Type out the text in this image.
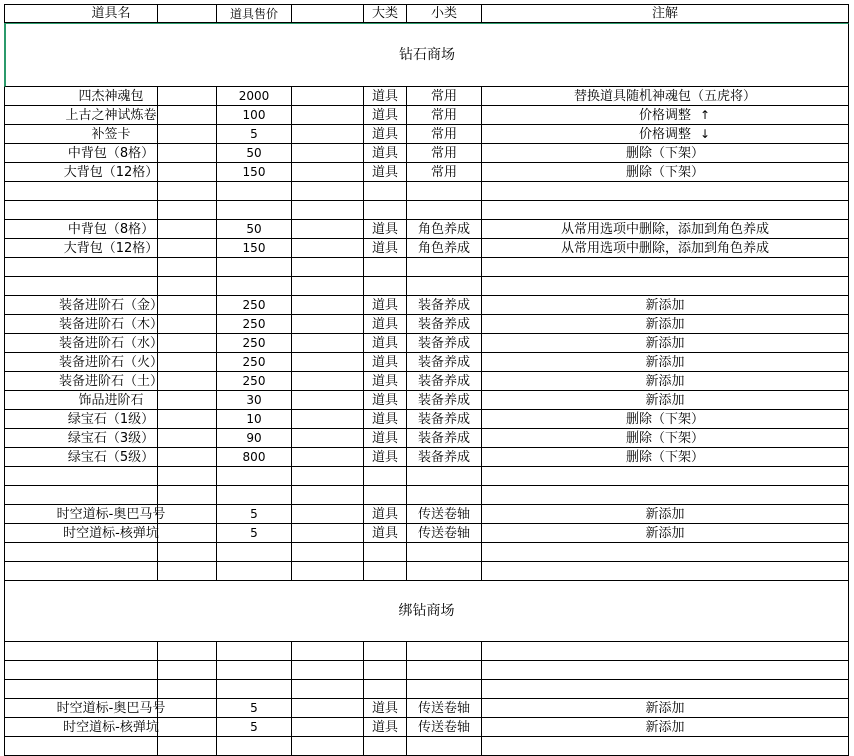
道具名	道具售价	大类	小类	注解
钻石商场
四杰神魂包	2000	道具	常用	替换道具随机神魂包（五虎将）
上古之神试炼卷	100	道具	常用	价格调整 ↑
补签卡	5	道具	常用	价格调整 ↓
中背包（8格）	50	道具	常用	删除（下架）
大背包（12格）	150	道具	常用	删除（下架）
中背包（8格）	50	道具	角色养成	从常用选项中删除，添加到角色养成
大背包（12格）	150	道具	角色养成	从常用选项中删除，添加到角色养成
装备进阶石（金）	250	道具	装备养成	新添加
装备进阶石（木）	250	道具	装备养成	新添加
装备进阶石（水）	250	道具	装备养成	新添加
装备进阶石（火）	250	道具	装备养成	新添加
装备进阶石（土）	250	道具	装备养成	新添加
饰品进阶石	30	道具	装备养成	新添加
绿宝石（1级）	10	道具	装备养成	删除（下架）
绿宝石（3级）	90	道具	装备养成	删除（下架）
绿宝石（5级）	800	道具	装备养成	删除（下架）
时空道标-奥巴马号	5	道具	传送卷轴	新添加
时空道标-核弹坑	5	道具	传送卷轴	新添加
绑钻商场
时空道标-奥巴马号	5	道具	传送卷轴	新添加
时空道标-核弹坑	5	道具	传送卷轴	新添加
